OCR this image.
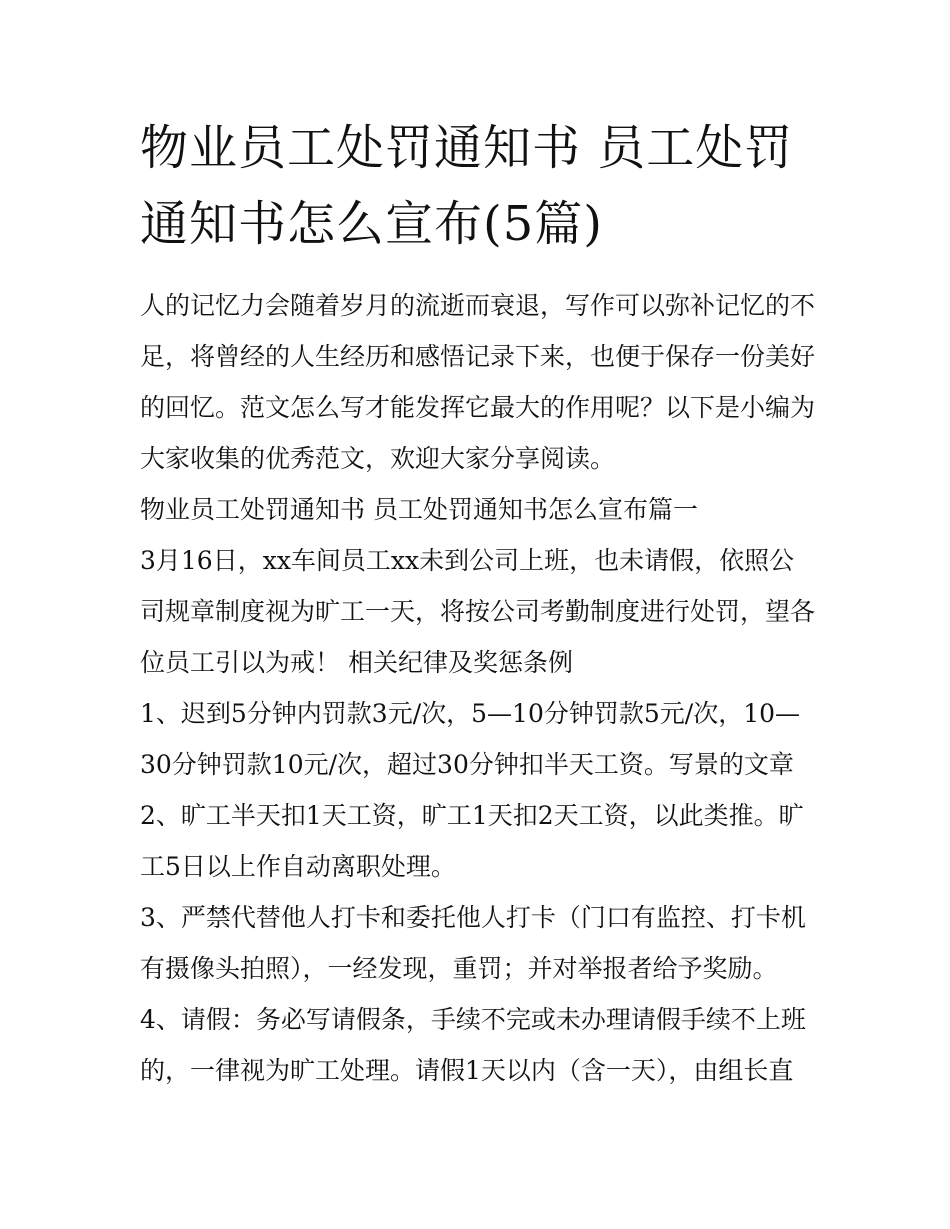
物业员工处罚通知书 员工处罚
通知书怎么宣布(5篇)

人的记忆力会随着岁月的流逝而衰退，写作可以弥补记忆的不

足，将曾经的人生经历和感悟记录下来，也便于保存一份美好

的回忆。范文怎么写才能发挥它最大的作用呢？以下是小编为

大家收集的优秀范文，欢迎大家分享阅读。

物业员工处罚通知书 员工处罚通知书怎么宣布篇一

3月16日，xx车间员工xx未到公司上班，也未请假，依照公

司规章制度视为旷工一天，将按公司考勤制度进行处罚，望各

位员工引以为戒！ 相关纪律及奖惩条例

1、迟到5分钟内罚款3元/次，5—10分钟罚款5元/次，10—

30分钟罚款10元/次，超过30分钟扣半天工资。写景的文章

2、旷工半天扣1天工资，旷工1天扣2天工资，以此类推。旷

工5日以上作自动离职处理。

3、严禁代替他人打卡和委托他人打卡（门口有监控、打卡机

有摄像头拍照），一经发现，重罚；并对举报者给予奖励。

4、请假：务必写请假条，手续不完或未办理请假手续不上班

的，一律视为旷工处理。请假1天以内（含一天），由组长直
